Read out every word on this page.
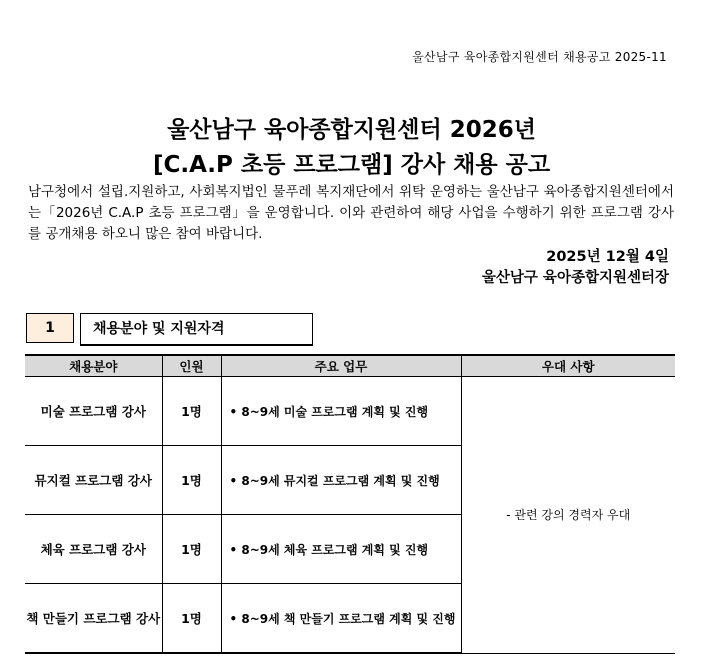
울산남구 육아종합지원센터 채용공고 2025-11
울산남구 육아종합지원센터 2026년
[C.A.P 초등 프로그램] 강사 채용 공고
남구청에서 설립.지원하고, 사회복지법인 물푸레 복지재단에서 위탁 운영하는 울산남구 육아종합지원센터에서는「2026년 C.A.P 초등 프로그램」을 운영합니다. 이와 관련하여 해당 사업을 수행하기 위한 프로그램 강사를 공개채용 하오니 많은 참여 바랍니다.
2025년 12월 4일
울산남구 육아종합지원센터장
1	채용분야 및 지원자격
채용분야	인원	주요 업무	우대 사항
미술 프로그램 강사	1명	• 8~9세 미술 프로그램 계획 및 진행	- 관련 강의 경력자 우대
뮤지컬 프로그램 강사	1명	• 8~9세 뮤지컬 프로그램 계획 및 진행	
체육 프로그램 강사	1명	• 8~9세 체육 프로그램 계획 및 진행	
책 만들기 프로그램 강사	1명	• 8~9세 책 만들기 프로그램 계획 및 진행	
